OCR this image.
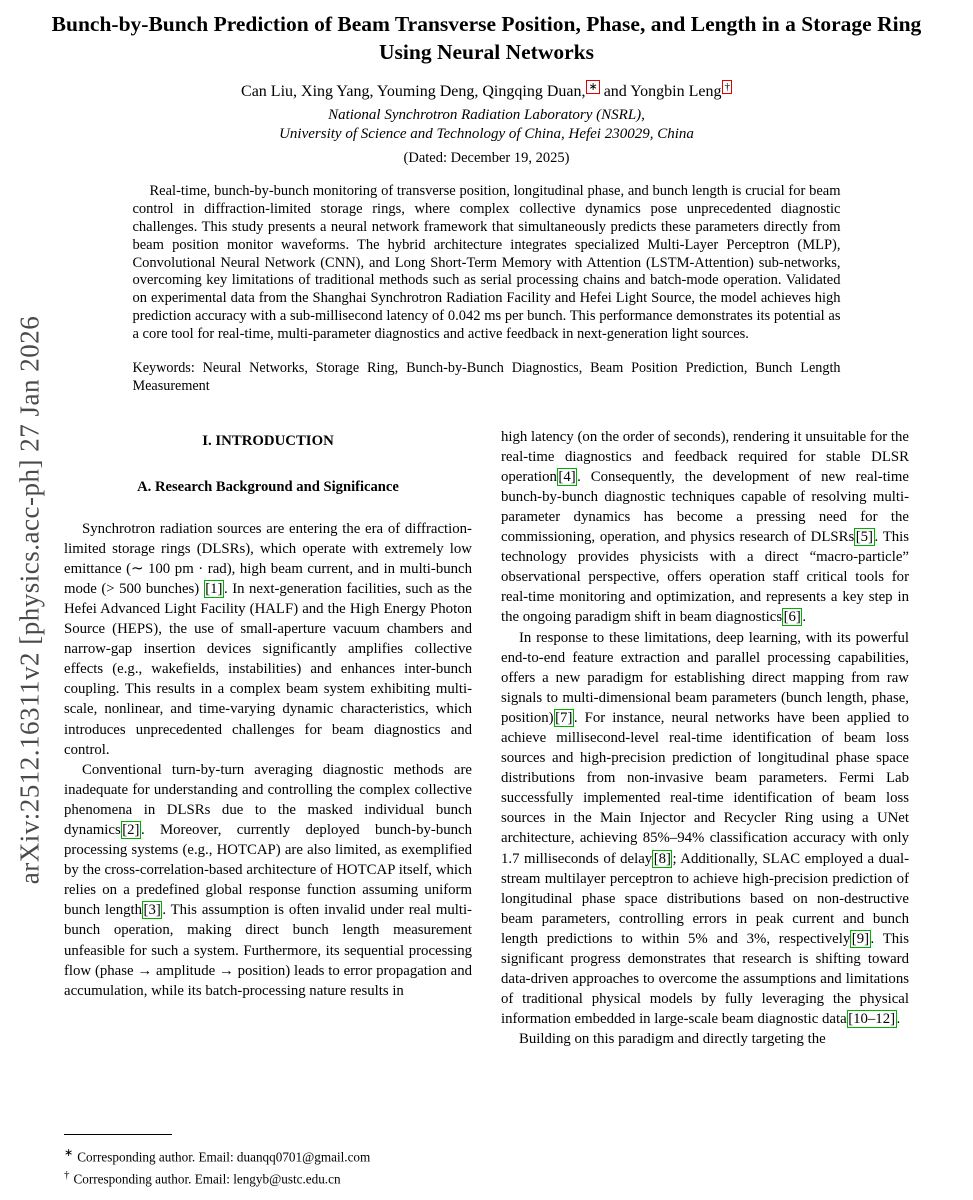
arXiv:2512.16311v2 [physics.acc-ph] 27 Jan 2026
Bunch-by-Bunch Prediction of Beam Transverse Position, Phase, and Length in a Storage Ring Using Neural Networks
Can Liu, Xing Yang, Youming Deng, Qingqing Duan, ∗ and Yongbin Leng †
National Synchrotron Radiation Laboratory (NSRL),
University of Science and Technology of China, Hefei 230029, China
(Dated: December 19, 2025)

Real-time, bunch-by-bunch monitoring of transverse position, longitudinal phase, and bunch length is crucial for beam control in diffraction-limited storage rings, where complex collective dynamics pose unprecedented diagnostic challenges. This study presents a neural network framework that simultaneously predicts these parameters directly from beam position monitor waveforms. The hybrid architecture integrates specialized Multi-Layer Perceptron (MLP), Convolutional Neural Network (CNN), and Long Short-Term Memory with Attention (LSTM-Attention) sub-networks, overcoming key limitations of traditional methods such as serial processing chains and batch-mode operation. Validated on experimental data from the Shanghai Synchrotron Radiation Facility and Hefei Light Source, the model achieves high prediction accuracy with a sub-millisecond latency of 0.042 ms per bunch. This performance demonstrates its potential as a core tool for real-time, multi-parameter diagnostics and active feedback in next-generation light sources.

Keywords: Neural Networks, Storage Ring, Bunch-by-Bunch Diagnostics, Beam Position Prediction, Bunch Length Measurement

I. INTRODUCTION
A. Research Background and Significance

Synchrotron radiation sources are entering the era of diffraction-limited storage rings (DLSRs), which operate with extremely low emittance (∼ 100 pm · rad), high beam current, and in multi-bunch mode (> 500 bunches) [1] . In next-generation facilities, such as the Hefei Advanced Light Facility (HALF) and the High Energy Photon Source (HEPS), the use of small-aperture vacuum chambers and narrow-gap insertion devices significantly amplifies collective effects (e.g., wakefields, instabilities) and enhances inter-bunch coupling. This results in a complex beam system exhibiting multi-scale, nonlinear, and time-varying dynamic characteristics, which introduces unprecedented challenges for beam diagnostics and control.

Conventional turn-by-turn averaging diagnostic methods are inadequate for understanding and controlling the complex collective phenomena in DLSRs due to the masked individual bunch dynamics [2] . Moreover, currently deployed bunch-by-bunch processing systems (e.g., HOTCAP) are also limited, as exemplified by the cross-correlation-based architecture of HOTCAP itself, which relies on a predefined global response function assuming uniform bunch length [3] . This assumption is often invalid under real multi-bunch operation, making direct bunch length measurement unfeasible for such a system. Furthermore, its sequential processing flow (phase → amplitude → position) leads to error propagation and accumulation, while its batch-processing nature results in

∗ Corresponding author. Email: duanqq0701@gmail.com
† Corresponding author. Email: lengyb@ustc.edu.cn

high latency (on the order of seconds), rendering it unsuitable for the real-time diagnostics and feedback required for stable DLSR operation [4] . Consequently, the development of new real-time bunch-by-bunch diagnostic techniques capable of resolving multi-parameter dynamics has become a pressing need for the commissioning, operation, and physics research of DLSRs [5] . This technology provides physicists with a direct “macro-particle” observational perspective, offers operation staff critical tools for real-time monitoring and optimization, and represents a key step in the ongoing paradigm shift in beam diagnostics [6] .

In response to these limitations, deep learning, with its powerful end-to-end feature extraction and parallel processing capabilities, offers a new paradigm for establishing direct mapping from raw signals to multi-dimensional beam parameters (bunch length, phase, position) [7] . For instance, neural networks have been applied to achieve millisecond-level real-time identification of beam loss sources and high-precision prediction of longitudinal phase space distributions from non-invasive beam parameters. Fermi Lab successfully implemented real-time identification of beam loss sources in the Main Injector and Recycler Ring using a UNet architecture, achieving 85%–94% classification accuracy with only 1.7 milliseconds of delay [8] ; Additionally, SLAC employed a dual-stream multilayer perceptron to achieve high-precision prediction of longitudinal phase space distributions based on non-destructive beam parameters, controlling errors in peak current and bunch length predictions to within 5% and 3%, respectively [9] . This significant progress demonstrates that research is shifting toward data-driven approaches to overcome the assumptions and limitations of traditional physical models by fully leveraging the physical information embedded in large-scale beam diagnostic data [10–12] .

Building on this paradigm and directly targeting the
